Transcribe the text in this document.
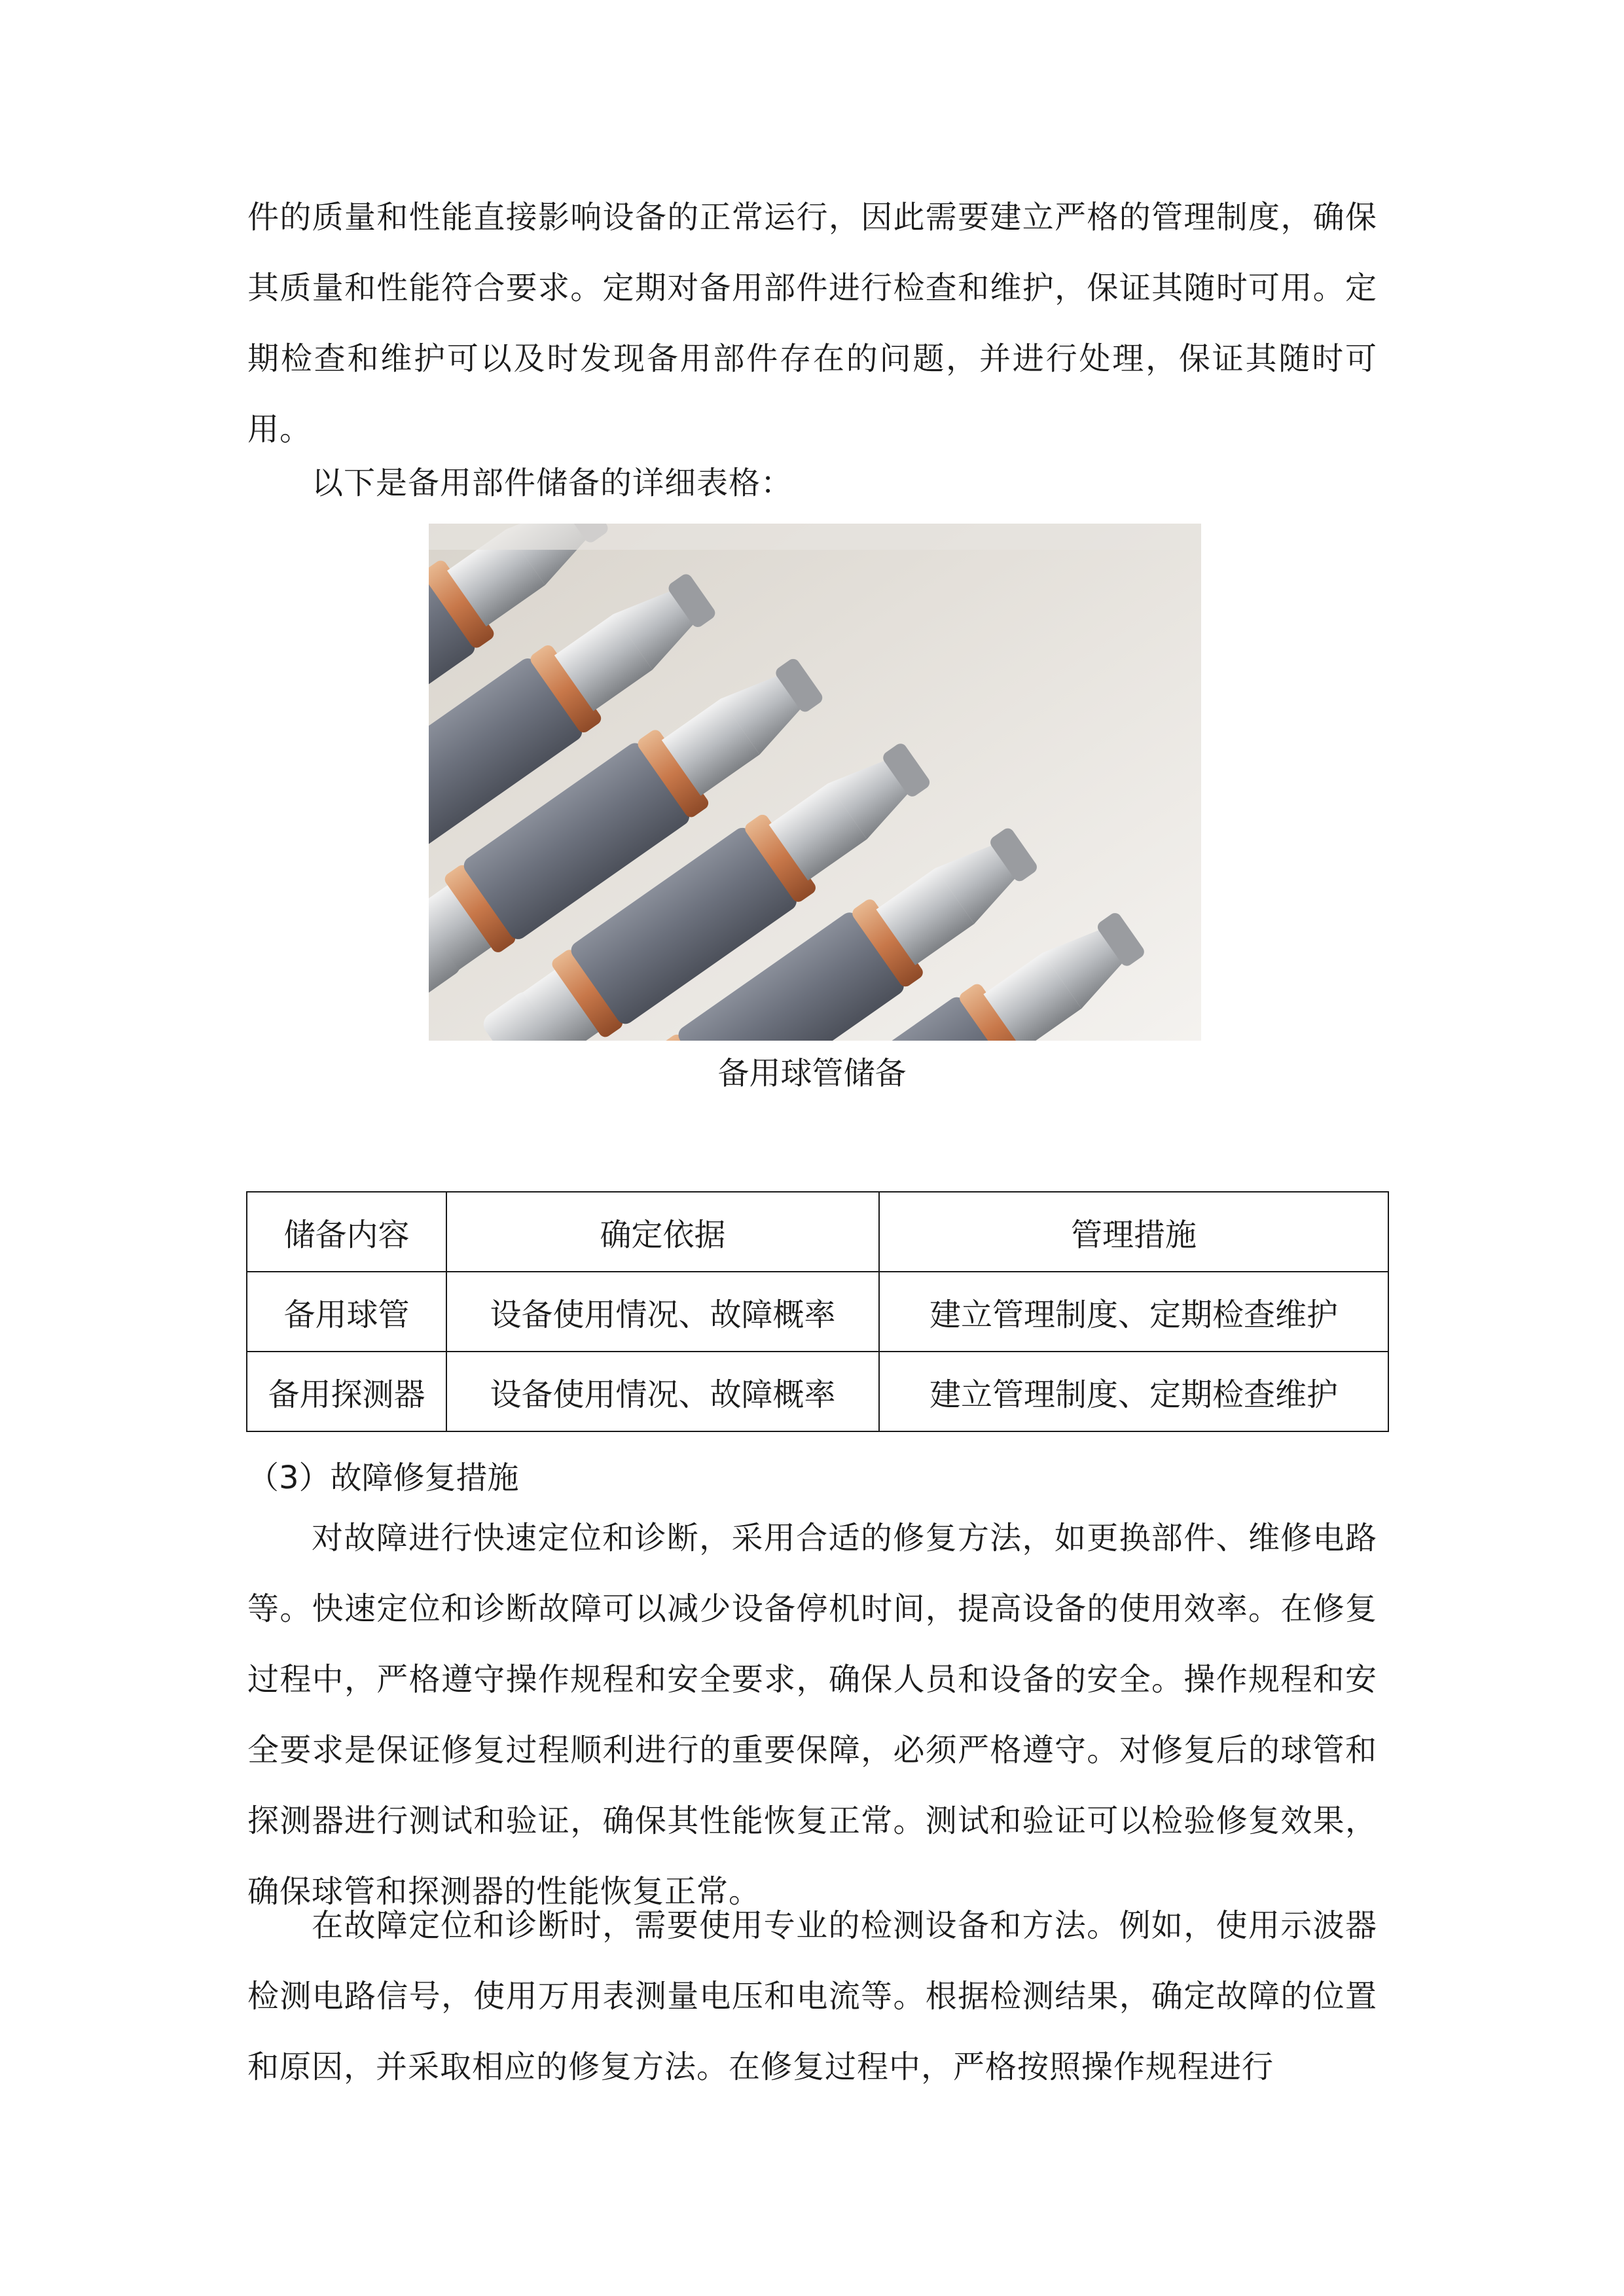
件的质量和性能直接影响设备的正常运行，因此需要建立严格的管理制度，确保其质量和性能符合要求。定期对备用部件进行检查和维护，保证其随时可用。定期检查和维护可以及时发现备用部件存在的问题，并进行处理，保证其随时可用。

以下是备用部件储备的详细表格：

备用球管储备
储备内容	确定依据	管理措施
备用球管	设备使用情况、故障概率	建立管理制度、定期检查维护
备用探测器	设备使用情况、故障概率	建立管理制度、定期检查维护

（3）故障修复措施

对故障进行快速定位和诊断，采用合适的修复方法，如更换部件、维修电路等。快速定位和诊断故障可以减少设备停机时间，提高设备的使用效率。在修复过程中，严格遵守操作规程和安全要求，确保人员和设备的安全。操作规程和安全要求是保证修复过程顺利进行的重要保障，必须严格遵守。对修复后的球管和探测器进行测试和验证，确保其性能恢复正常。测试和验证可以检验修复效果，确保球管和探测器的性能恢复正常。

在故障定位和诊断时，需要使用专业的检测设备和方法。例如，使用示波器检测电路信号，使用万用表测量电压和电流等。根据检测结果，确定故障的位置和原因，并采取相应的修复方法。在修复过程中，严格按照操作规程进行
